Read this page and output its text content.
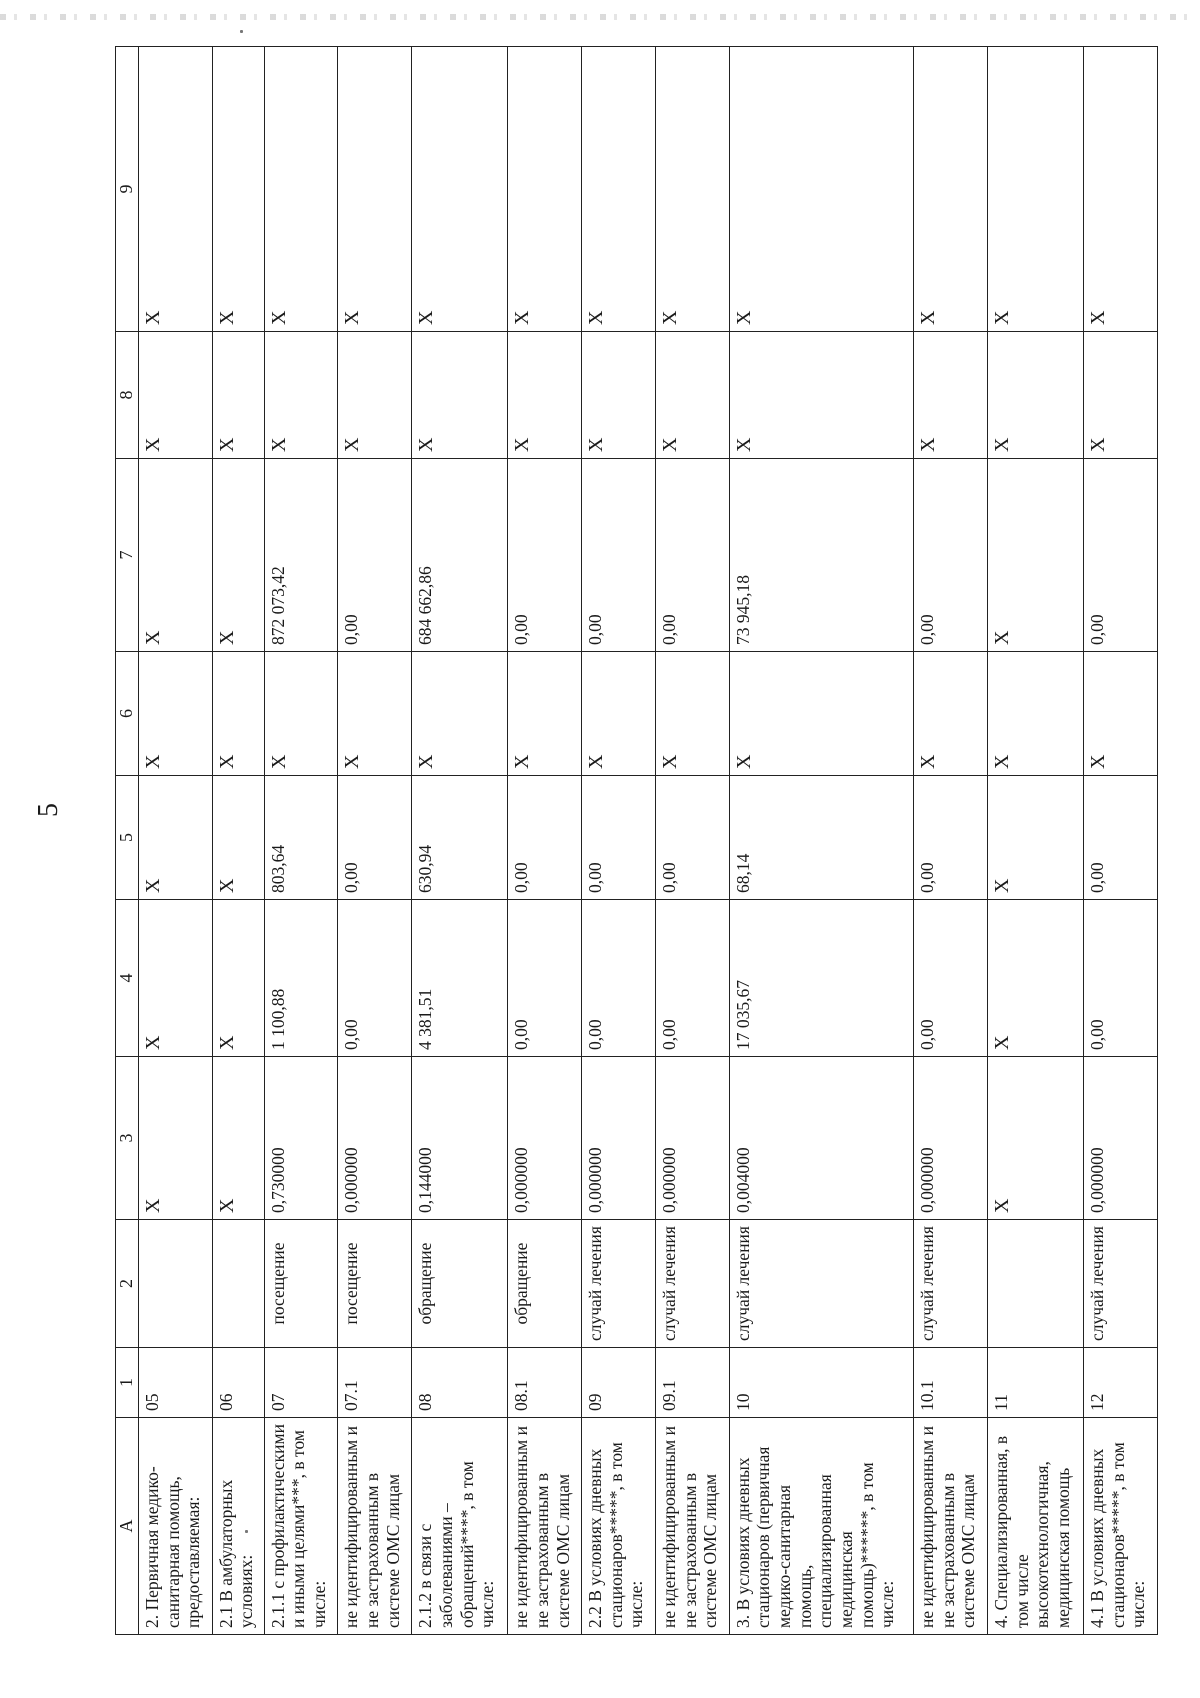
5
A	1	2	3	4	5	6	7	8	9
2. Первичная медико-санитарная помощь, предоставляемая:	05		X	X	X	X	X	X	X
2.1 В амбулаторных условиях:	06		X	X	X	X	X	X	X
2.1.1 с профилактическими и иными целями***, в том числе:	07	посещение	0,730000	1 100,88	803,64	X	872 073,42	X	X
не идентифицированным и не застрахованным в системе ОМС лицам	07.1	посещение	0,000000	0,00	0,00	X	0,00	X	X
2.1.2 в связи с заболеваниями – обращений****, в том числе:	08	обращение	0,144000	4 381,51	630,94	X	684 662,86	X	X
не идентифицированным и не застрахованным в системе ОМС лицам	08.1	обращение	0,000000	0,00	0,00	X	0,00	X	X
2.2 В условиях дневных стационаров*****, в том числе:	09	случай лечения	0,000000	0,00	0,00	X	0,00	X	X
не идентифицированным и не застрахованным в системе ОМС лицам	09.1	случай лечения	0,000000	0,00	0,00	X	0,00	X	X
3. В условиях дневных стационаров (первичная медико-санитарная помощь, специализированная медицинская помощь)******, в том числе:	10	случай лечения	0,004000	17 035,67	68,14	X	73 945,18	X	X
не идентифицированным и не застрахованным в системе ОМС лицам	10.1	случай лечения	0,000000	0,00	0,00	X	0,00	X	X
4. Специализированная, в том числе высокотехнологичная, медицинская помощь	11		X	X	X	X	X	X	X
4.1 В условиях дневных стационаров*****, в том числе:	12	случай лечения	0,000000	0,00	0,00	X	0,00	X	X
